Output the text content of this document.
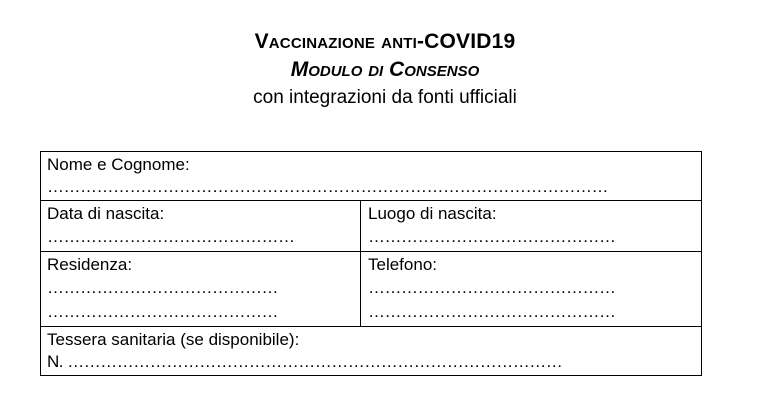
Vaccinazione anti-COVID19
Modulo di Consenso
con integrazioni da fonti ufficiali
Nome e Cognome:
…………………………………………………………………………………………
Data di nascita:
………………………………………
Luogo di nascita:
………………………………………
Residenza:
……………………………………
……………………………………
Telefono:
………………………………………
………………………………………
Tessera sanitaria (se disponibile):
N. ………………………………………………………………………………
